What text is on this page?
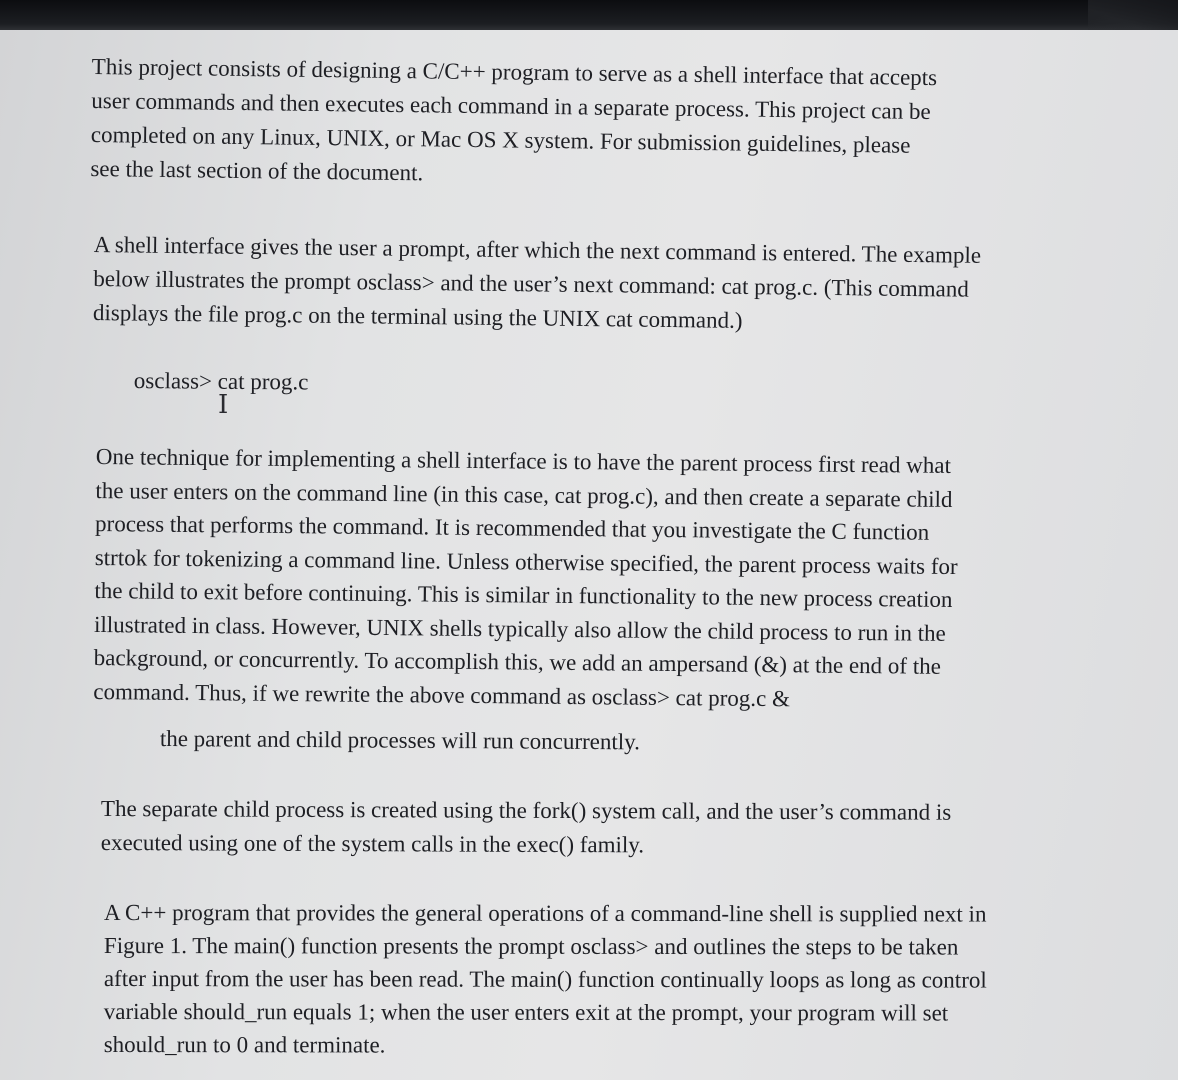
This project consists of designing a C/C++ program to serve as a shell interface that accepts
user commands and then executes each command in a separate process. This project can be
completed on any Linux, UNIX, or Mac OS X system. For submission guidelines, please
see the last section of the document.

A shell interface gives the user a prompt, after which the next command is entered. The example
below illustrates the prompt osclass> and the user’s next command: cat prog.c. (This command
displays the file prog.c on the terminal using the UNIX cat command.)

osclass> cat prog.c

I

One technique for implementing a shell interface is to have the parent process first read what
the user enters on the command line (in this case, cat prog.c), and then create a separate child
process that performs the command. It is recommended that you investigate the C function
strtok for tokenizing a command line. Unless otherwise specified, the parent process waits for
the child to exit before continuing. This is similar in functionality to the new process creation
illustrated in class. However, UNIX shells typically also allow the child process to run in the
background, or concurrently. To accomplish this, we add an ampersand (&) at the end of the
command. Thus, if we rewrite the above command as osclass> cat prog.c &

the parent and child processes will run concurrently.

The separate child process is created using the fork() system call, and the user’s command is
executed using one of the system calls in the exec() family.

A C++ program that provides the general operations of a command-line shell is supplied next in
Figure 1. The main() function presents the prompt osclass> and outlines the steps to be taken
after input from the user has been read. The main() function continually loops as long as control
variable should_run equals 1; when the user enters exit at the prompt, your program will set
should_run to 0 and terminate.
